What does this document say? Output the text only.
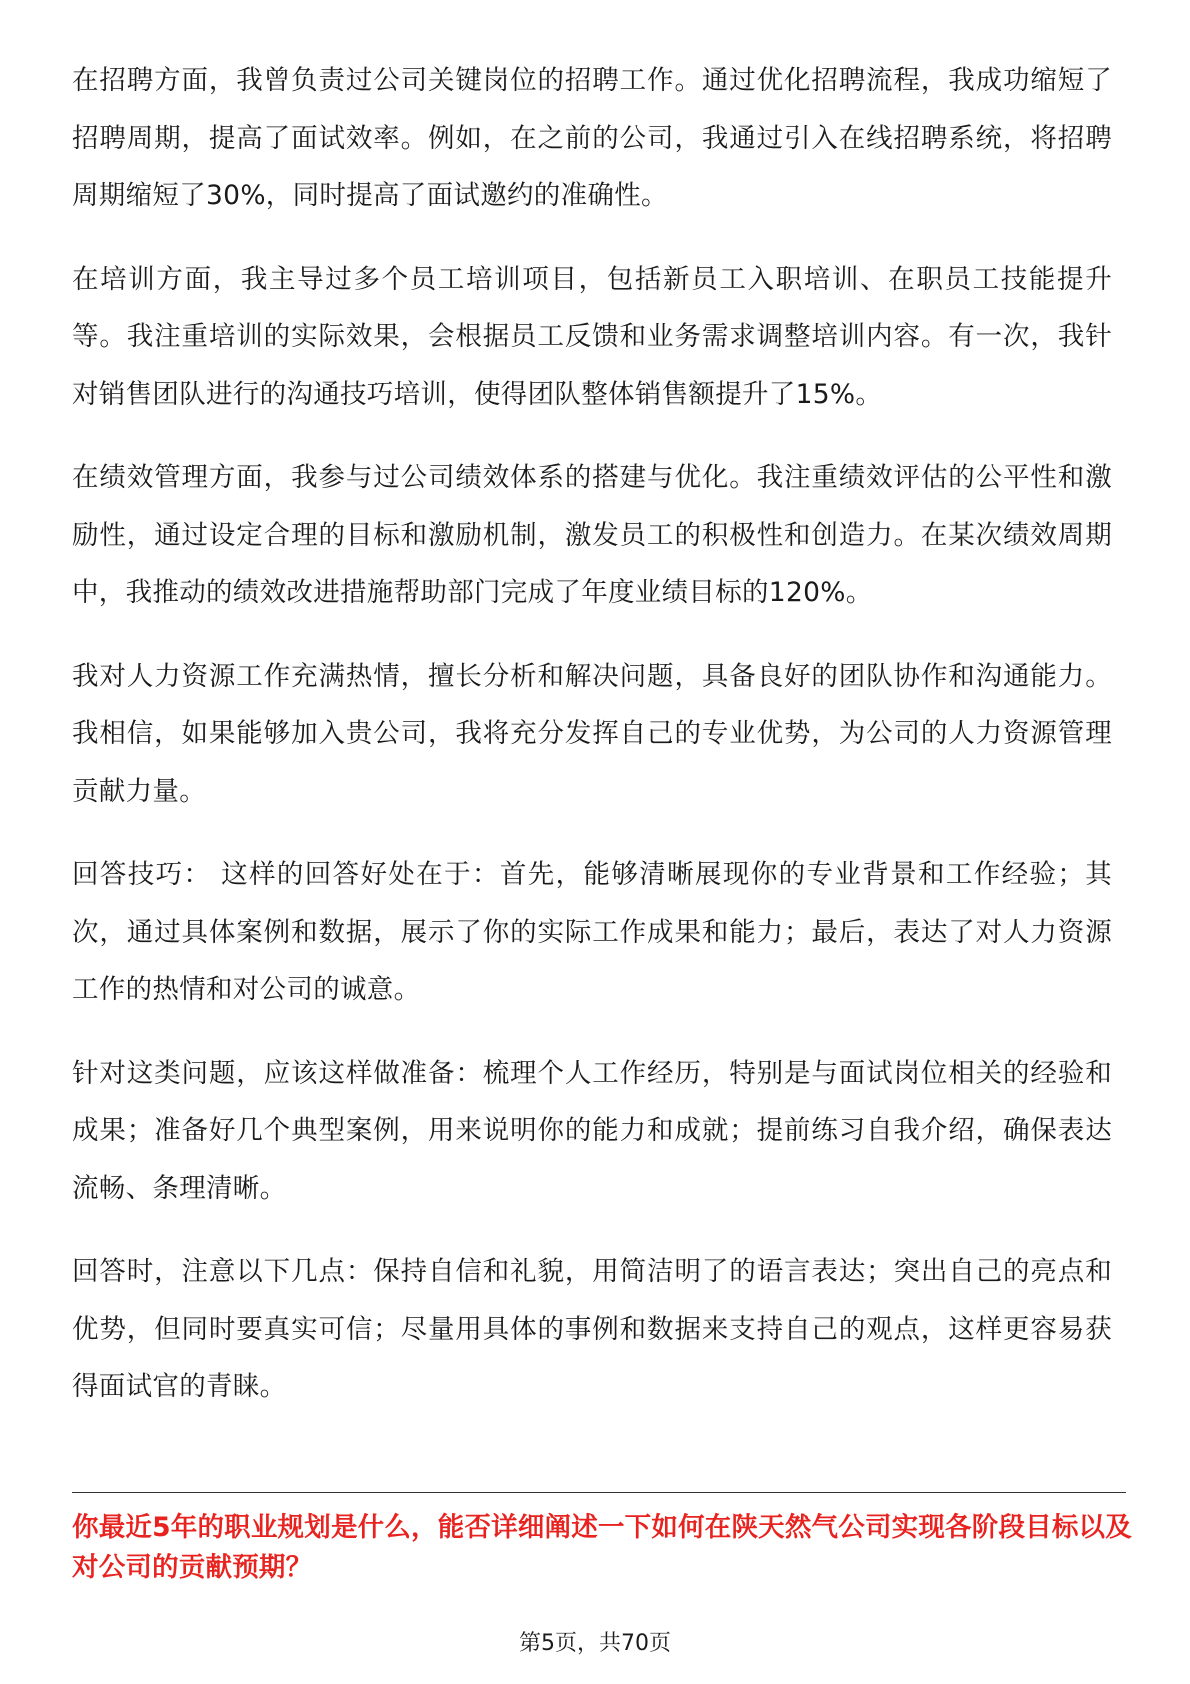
在招聘方面，我曾负责过公司关键岗位的招聘工作。通过优化招聘流程，我成功缩短了招聘周期，提高了面试效率。例如，在之前的公司，我通过引入在线招聘系统，将招聘周期缩短了30%，同时提高了面试邀约的准确性。

在培训方面，我主导过多个员工培训项目，包括新员工入职培训、在职员工技能提升等。我注重培训的实际效果，会根据员工反馈和业务需求调整培训内容。有一次，我针对销售团队进行的沟通技巧培训，使得团队整体销售额提升了15%。

在绩效管理方面，我参与过公司绩效体系的搭建与优化。我注重绩效评估的公平性和激励性，通过设定合理的目标和激励机制，激发员工的积极性和创造力。在某次绩效周期中，我推动的绩效改进措施帮助部门完成了年度业绩目标的120%。

我对人力资源工作充满热情，擅长分析和解决问题，具备良好的团队协作和沟通能力。我相信，如果能够加入贵公司，我将充分发挥自己的专业优势，为公司的人力资源管理贡献力量。

回答技巧： 这样的回答好处在于：首先，能够清晰展现你的专业背景和工作经验；其次，通过具体案例和数据，展示了你的实际工作成果和能力；最后，表达了对人力资源工作的热情和对公司的诚意。

针对这类问题，应该这样做准备：梳理个人工作经历，特别是与面试岗位相关的经验和成果；准备好几个典型案例，用来说明你的能力和成就；提前练习自我介绍，确保表达流畅、条理清晰。

回答时，注意以下几点：保持自信和礼貌，用简洁明了的语言表达；突出自己的亮点和优势，但同时要真实可信；尽量用具体的事例和数据来支持自己的观点，这样更容易获得面试官的青睐。

你最近5年的职业规划是什么，能否详细阐述一下如何在陕天然气公司实现各阶段目标以及对公司的贡献预期？
第5页，共70页
